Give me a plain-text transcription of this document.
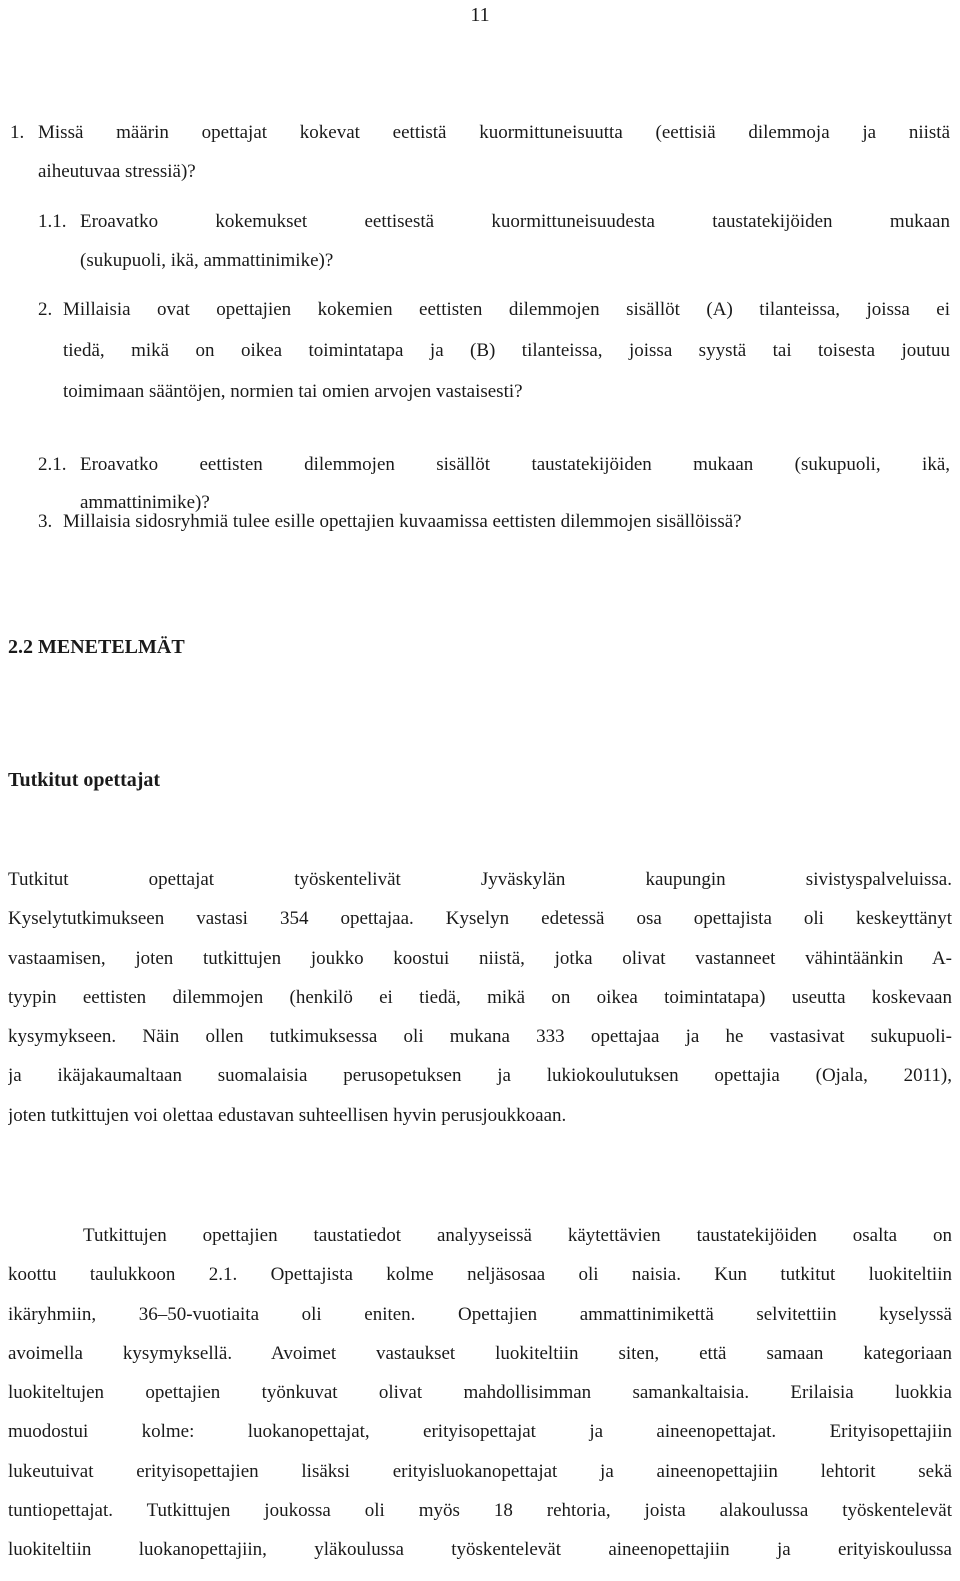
11
1. Missä määrin opettajat kokevat eettistä kuormittuneisuutta (eettisiä dilemmoja ja niistä
aiheutuvaa stressiä)?
1.1. Eroavatko kokemukset eettisestä kuormittuneisuudesta taustatekijöiden mukaan
(sukupuoli, ikä, ammattinimike)?
2. Millaisia ovat opettajien kokemien eettisten dilemmojen sisällöt (A) tilanteissa, joissa ei
tiedä, mikä on oikea toimintatapa ja (B) tilanteissa, joissa syystä tai toisesta joutuu
toimimaan sääntöjen, normien tai omien arvojen vastaisesti?
2.1. Eroavatko eettisten dilemmojen sisällöt taustatekijöiden mukaan (sukupuoli, ikä,
ammattinimike)?
3. Millaisia sidosryhmiä tulee esille opettajien kuvaamissa eettisten dilemmojen sisällöissä?
2.2 MENETELMÄT
Tutkitut opettajat
Tutkitut opettajat työskentelivät Jyväskylän kaupungin sivistyspalveluissa.
Kyselytutkimukseen vastasi 354 opettajaa. Kyselyn edetessä osa opettajista oli keskeyttänyt
vastaamisen, joten tutkittujen joukko koostui niistä, jotka olivat vastanneet vähintäänkin A-
tyypin eettisten dilemmojen (henkilö ei tiedä, mikä on oikea toimintatapa) useutta koskevaan
kysymykseen. Näin ollen tutkimuksessa oli mukana 333 opettajaa ja he vastasivat sukupuoli-
ja ikäjakaumaltaan suomalaisia perusopetuksen ja lukiokoulutuksen opettajia (Ojala, 2011),
joten tutkittujen voi olettaa edustavan suhteellisen hyvin perusjoukkoaan.
Tutkittujen opettajien taustatiedot analyyseissä käytettävien taustatekijöiden osalta on
koottu taulukkoon 2.1. Opettajista kolme neljäsosaa oli naisia. Kun tutkitut luokiteltiin
ikäryhmiin, 36–50-vuotiaita oli eniten. Opettajien ammattinimikettä selvitettiin kyselyssä
avoimella kysymyksellä. Avoimet vastaukset luokiteltiin siten, että samaan kategoriaan
luokiteltujen opettajien työnkuvat olivat mahdollisimman samankaltaisia. Erilaisia luokkia
muodostui kolme: luokanopettajat, erityisopettajat ja aineenopettajat. Erityisopettajiin
lukeutuivat erityisopettajien lisäksi erityisluokanopettajat ja aineenopettajiin lehtorit sekä
tuntiopettajat. Tutkittujen joukossa oli myös 18 rehtoria, joista alakoulussa työskentelevät
luokiteltiin luokanopettajiin, yläkoulussa työskentelevät aineenopettajiin ja erityiskoulussa
